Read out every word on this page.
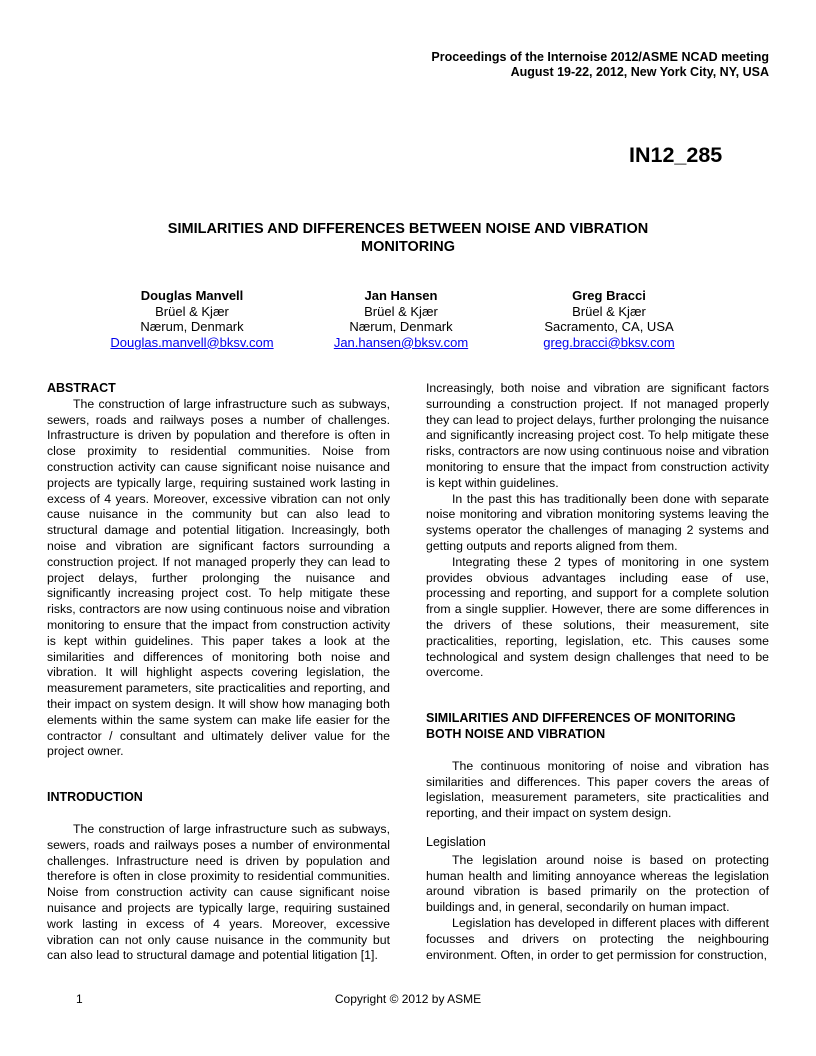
Proceedings of the Internoise 2012/ASME NCAD meeting
August 19-22, 2012, New York City, NY, USA
IN12_285
SIMILARITIES AND DIFFERENCES BETWEEN NOISE AND VIBRATION
MONITORING
Douglas Manvell
Brüel & Kjær
Nærum, Denmark
Douglas.manvell@bksv.com
Jan Hansen
Brüel & Kjær
Nærum, Denmark
Jan.hansen@bksv.com
Greg Bracci
Brüel & Kjær
Sacramento, CA, USA
greg.bracci@bksv.com
ABSTRACT

The construction of large infrastructure such as subways, sewers, roads and railways poses a number of challenges. Infrastructure is driven by population and therefore is often in close proximity to residential communities. Noise from construction activity can cause significant noise nuisance and projects are typically large, requiring sustained work lasting in excess of 4 years. Moreover, excessive vibration can not only cause nuisance in the community but can also lead to structural damage and potential litigation. Increasingly, both noise and vibration are significant factors surrounding a construction project. If not managed properly they can lead to project delays, further prolonging the nuisance and significantly increasing project cost. To help mitigate these risks, contractors are now using continuous noise and vibration monitoring to ensure that the impact from construction activity is kept within guidelines. This paper takes a look at the similarities and differences of monitoring both noise and vibration. It will highlight aspects covering legislation, the measurement parameters, site practicalities and reporting, and their impact on system design. It will show how managing both elements within the same system can make life easier for the contractor / consultant and ultimately deliver value for the project owner.

INTRODUCTION

The construction of large infrastructure such as subways, sewers, roads and railways poses a number of environmental challenges. Infrastructure need is driven by population and therefore is often in close proximity to residential communities. Noise from construction activity can cause significant noise nuisance and projects are typically large, requiring sustained work lasting in excess of 4 years. Moreover, excessive vibration can not only cause nuisance in the community but can also lead to structural damage and potential litigation [1].

Increasingly, both noise and vibration are significant factors surrounding a construction project. If not managed properly they can lead to project delays, further prolonging the nuisance and significantly increasing project cost. To help mitigate these risks, contractors are now using continuous noise and vibration monitoring to ensure that the impact from construction activity is kept within guidelines.

In the past this has traditionally been done with separate noise monitoring and vibration monitoring systems leaving the systems operator the challenges of managing 2 systems and getting outputs and reports aligned from them.

Integrating these 2 types of monitoring in one system provides obvious advantages including ease of use, processing and reporting, and support for a complete solution from a single supplier. However, there are some differences in the drivers of these solutions, their measurement, site practicalities, reporting, legislation, etc. This causes some technological and system design challenges that need to be overcome.

SIMILARITIES AND DIFFERENCES OF MONITORING
BOTH NOISE AND VIBRATION

The continuous monitoring of noise and vibration has similarities and differences. This paper covers the areas of legislation, measurement parameters, site practicalities and reporting, and their impact on system design.

Legislation

The legislation around noise is based on protecting human health and limiting annoyance whereas the legislation around vibration is based primarily on the protection of buildings and, in general, secondarily on human impact.

Legislation has developed in different places with different focusses and drivers on protecting the neighbouring environment. Often, in order to get permission for construction,

1	Copyright © 2012 by ASME
